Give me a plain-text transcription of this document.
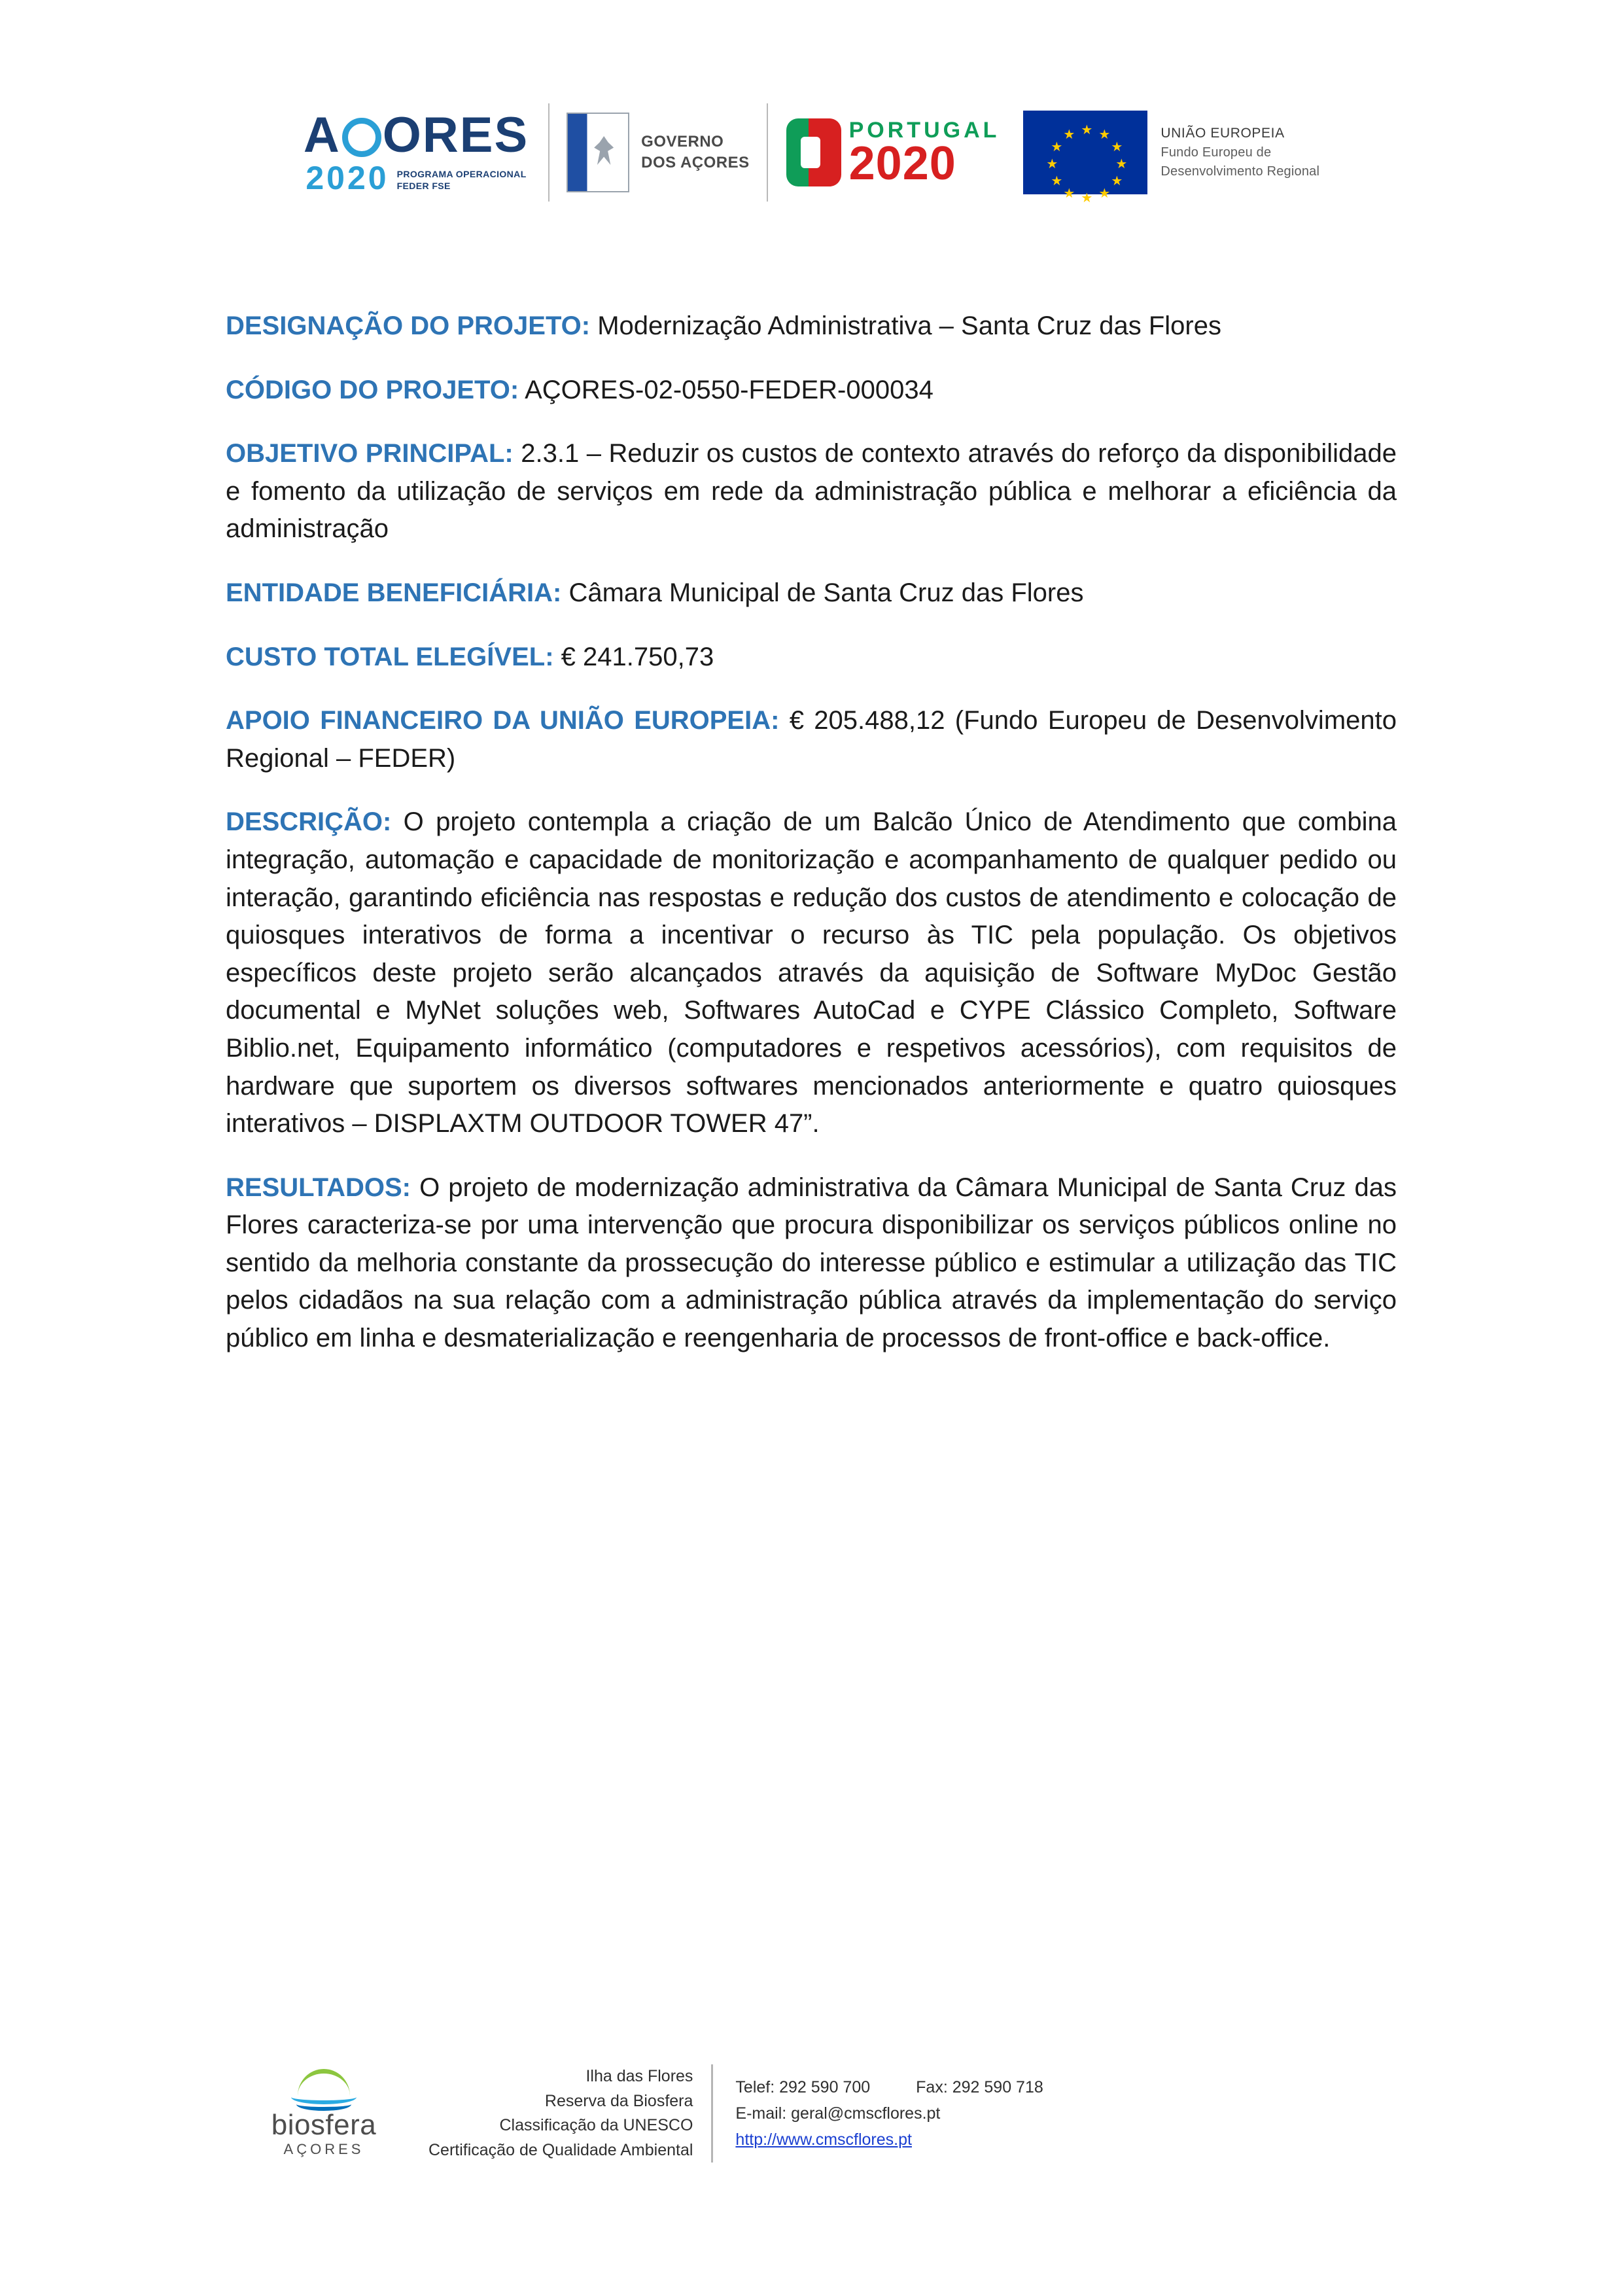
A ORES
2020 PROGRAMA OPERACIONAL
FEDER FSE
GOVERNO
DOS AÇORES
PORTUGAL
2020
★ ★
★
★
★
★
★
★
★
★
★
★	UNIÃO EUROPEIA
Fundo Europeu de
Desenvolvimento Regional

DESIGNAÇÃO DO PROJETO: Modernização Administrativa – Santa Cruz das Flores

CÓDIGO DO PROJETO: AÇORES-02-0550-FEDER-000034

OBJETIVO PRINCIPAL: 2.3.1 – Reduzir os custos de contexto através do reforço da disponibilidade e fomento da utilização de serviços em rede da administração pública e melhorar a eficiência da administração

ENTIDADE BENEFICIÁRIA: Câmara Municipal de Santa Cruz das Flores

CUSTO TOTAL ELEGÍVEL: € 241.750,73

APOIO FINANCEIRO DA UNIÃO EUROPEIA: € 205.488,12 (Fundo Europeu de Desenvolvimento Regional – FEDER)

DESCRIÇÃO: O projeto contempla a criação de um Balcão Único de Atendimento que combina integração, automação e capacidade de monitorização e acompanhamento de qualquer pedido ou interação, garantindo eficiência nas respostas e redução dos custos de atendimento e colocação de quiosques interativos de forma a incentivar o recurso às TIC pela população. Os objetivos específicos deste projeto serão alcançados através da aquisição de Software MyDoc Gestão documental e MyNet soluções web, Softwares AutoCad e CYPE Clássico Completo, Software Biblio.net, Equipamento informático (computadores e respetivos acessórios), com requisitos de hardware que suportem os diversos softwares mencionados anteriormente e quatro quiosques interativos – DISPLAXTM OUTDOOR TOWER 47”.

RESULTADOS: O projeto de modernização administrativa da Câmara Municipal de Santa Cruz das Flores caracteriza-se por uma intervenção que procura disponibilizar os serviços públicos online no sentido da melhoria constante da prossecução do interesse público e estimular a utilização das TIC pelos cidadãos na sua relação com a administração pública através da implementação do serviço público em linha e desmaterialização e reengenharia de processos de front-office e back-office.

biosfera
AÇORES
Ilha das Flores
Reserva da Biosfera
Classificação da UNESCO
Certificação de Qualidade Ambiental
Telef: 292 590 700	Fax: 292 590 718
E-mail: geral@cmscflores.pt
http://www.cmscflores.pt
